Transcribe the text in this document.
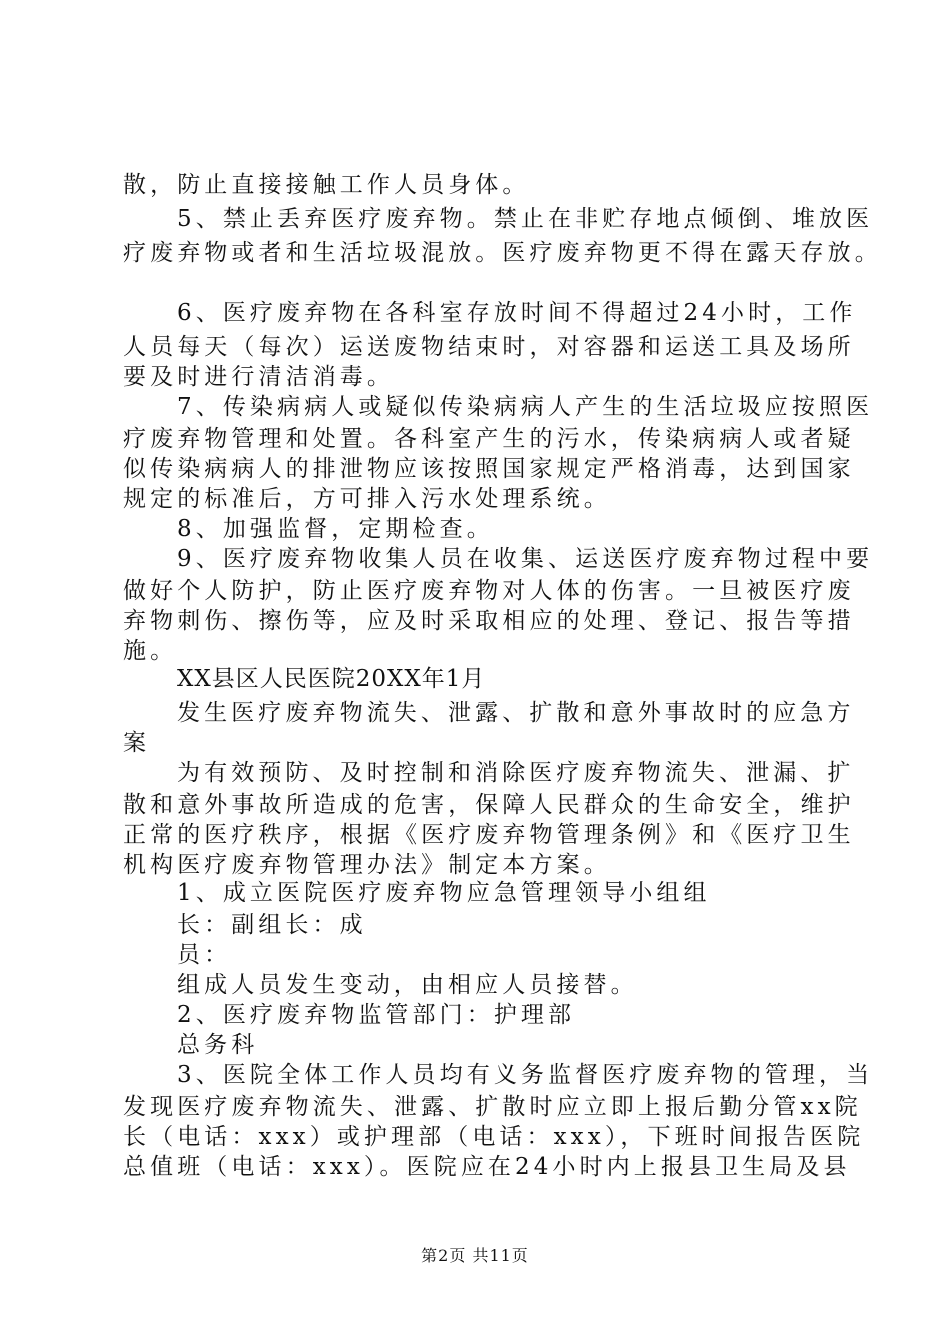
散，防止直接接触工作人员身体。
5、禁止丢弃医疗废弃物。禁止在非贮存地点倾倒、堆放医
疗废弃物或者和生活垃圾混放。医疗废弃物更不得在露天存放。
6、医疗废弃物在各科室存放时间不得超过24小时，工作
人员每天（每次）运送废物结束时，对容器和运送工具及场所
要及时进行清洁消毒。
7、传染病病人或疑似传染病病人产生的生活垃圾应按照医
疗废弃物管理和处置。各科室产生的污水，传染病病人或者疑
似传染病病人的排泄物应该按照国家规定严格消毒，达到国家
规定的标准后，方可排入污水处理系统。
8、加强监督，定期检查。
9、医疗废弃物收集人员在收集、运送医疗废弃物过程中要
做好个人防护，防止医疗废弃物对人体的伤害。一旦被医疗废
弃物刺伤、擦伤等，应及时采取相应的处理、登记、报告等措
施。
XX县区人民医院20XX年1月
发生医疗废弃物流失、泄露、扩散和意外事故时的应急方
案
为有效预防、及时控制和消除医疗废弃物流失、泄漏、扩
散和意外事故所造成的危害，保障人民群众的生命安全，维护
正常的医疗秩序，根据《医疗废弃物管理条例》和《医疗卫生
机构医疗废弃物管理办法》制定本方案。
1、成立医院医疗废弃物应急管理领导小组组
长：副组长：成
员：
组成人员发生变动，由相应人员接替。
2、医疗废弃物监管部门：护理部
总务科
3、医院全体工作人员均有义务监督医疗废弃物的管理，当
发现医疗废弃物流失、泄露、扩散时应立即上报后勤分管xx院
长（电话：xxx）或护理部（电话：xxx），下班时间报告医院
总值班（电话：xxx）。医院应在24小时内上报县卫生局及县
第2页 共11页
